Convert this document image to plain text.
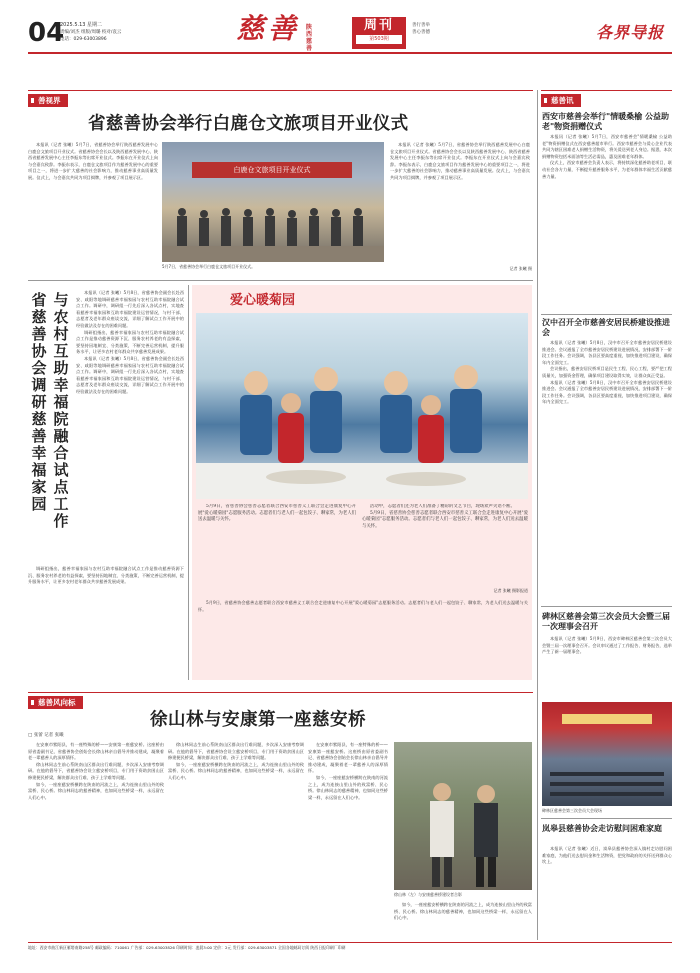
04
2025.5.13 星期二
责编/刘杰 组版/周璐 校对/袁云
电话：029-63003896	慈善 陕西慈善
周刊
第503期
善行善举
善心善德	各界导报
善视界
省慈善协会举行白鹿仓文旅项目开业仪式

本报讯（记者 张曦）5月7日，省慈善协会举行陕西慈善发展中心白鹿仓文旅项目开业仪式。省慈善协会会长以及陕西慈善发展中心、陕西省慈善发展中心主任李振东等出席开业仪式。李振东在开业仪式上向与会嘉宾致辞。李振东表示，白鹿仓文旅项目作为慈善发展中心的重要项目之一，将进一步扩大慈善的社会影响力，推动慈善事业高质量发展。仪式上，与会嘉宾共同为项目揭牌，并参观了项目展示区。

白鹿仓文旅项目开业仪式
5月7日，省慈善协会举行白鹿仓文旅项目开业仪式。

本报讯（记者 张曦）5月7日，省慈善协会举行陕西慈善发展中心白鹿仓文旅项目开业仪式。省慈善协会会长以及陕西慈善发展中心、陕西省慈善发展中心主任李振东等出席开业仪式。李振东在开业仪式上向与会嘉宾致辞。李振东表示，白鹿仓文旅项目作为慈善发展中心的重要项目之一，将进一步扩大慈善的社会影响力，推动慈善事业高质量发展。仪式上，与会嘉宾共同为项目揭牌，并参观了项目展示区。

记者 张曦 摄
省慈善协会调研慈善幸福家园
与农村互助幸福院融合试点工作

本报讯（记者 张曦）5月8日，省慈善协会副会长赴西安、咸阳等地调研慈善幸福家园与农村互助幸福院融合试点工作。调研中，调研组一行先后深入各试点村，实地查看慈善幸福家园和互助幸福院建设运营情况，与村干部、志愿者及老年群众座谈交流，详细了解试点工作开展中的经验做法及存在的困难问题。

调研组指出，慈善幸福家园与农村互助幸福院融合试点工作是推动慈善资源下沉、服务农村养老的有益探索，要坚持因地制宜、分类施策，不断完善运营机制，提升服务水平，让更多农村老年群众共享慈善发展成果。

本报讯（记者 张曦）5月8日，省慈善协会副会长赴西安、咸阳等地调研慈善幸福家园与农村互助幸福院融合试点工作。调研中，调研组一行先后深入各试点村，实地查看慈善幸福家园和互助幸福院建设运营情况，与村干部、志愿者及老年群众座谈交流，详细了解试点工作开展中的经验做法及存在的困难问题。

调研组指出，慈善幸福家园与农村互助幸福院融合试点工作是推动慈善资源下沉、服务农村养老的有益探索，要坚持因地制宜、分类施策，不断完善运营机制，提升服务水平，让更多农村老年群众共享慈善发展成果。

爱心暖菊园

5月9日，省慈善协会慈善志愿者联合西安市慈善义工联合会走进康复中心开展"爱心暖菊园"志愿服务活动。志愿者们与老人们一起包饺子、聊家常，为老人们送去温暖与关怀。

活动中，志愿者们还为老人们准备了精彩的文艺节目，现场欢声笑语不断。

5月9日，省慈善协会慈善志愿者联合西安市慈善义工联合会走进康复中心开展"爱心暖菊园"志愿服务活动。志愿者们与老人们一起包饺子、聊家常，为老人们送去温暖与关怀。

记者 张曦 摄影报道

5月9日，省慈善协会慈善志愿者联合西安市慈善义工联合会走进康复中心开展"爱心暖菊园"志愿服务活动。志愿者们与老人们一起包饺子、聊家常，为老人们送去温暖与关怀。

慈善风向标
徐山林与安康第一座慈安桥
□ 张蕾 记者 张曦

在安康市紫阳县，有一座特殊的桥——安康第一座慈安桥。这座桥由原省委副书记、省慈善协会创始会长徐山林亲自倡导并推动建成，凝聚着老一辈慈善人的深厚情怀。

徐山林同志生前心系陕南山区群众出行难问题，多次深入安康考察调研。在他的倡导下，省慈善协会设立慈安桥项目，专门用于资助贫困山区修建便民桥梁，解决群众出行难、孩子上学难等问题。

如今，一座座慈安桥横跨在陕南的河流之上，成为连接山里山外的致富桥、民心桥。徐山林同志的慈善精神，也如同这些桥梁一样，永远留在人们心中。

徐山林同志生前心系陕南山区群众出行难问题，多次深入安康考察调研。在他的倡导下，省慈善协会设立慈安桥项目，专门用于资助贫困山区修建便民桥梁，解决群众出行难、孩子上学难等问题。

如今，一座座慈安桥横跨在陕南的河流之上，成为连接山里山外的致富桥、民心桥。徐山林同志的慈善精神，也如同这些桥梁一样，永远留在人们心中。

在安康市紫阳县，有一座特殊的桥——安康第一座慈安桥。这座桥由原省委副书记、省慈善协会创始会长徐山林亲自倡导并推动建成，凝聚着老一辈慈善人的深厚情怀。

如今，一座座慈安桥横跨在陕南的河流之上，成为连接山里山外的致富桥、民心桥。徐山林同志的慈善精神，也如同这些桥梁一样，永远留在人们心中。

徐山林（左）与安康慈善桥建设者合影

如今，一座座慈安桥横跨在陕南的河流之上，成为连接山里山外的致富桥、民心桥。徐山林同志的慈善精神，也如同这些桥梁一样，永远留在人们心中。

慈善讯
西安市慈善会举行"情暖桑榆 公益助老"物资捐赠仪式

本报讯（记者 张曦）5月7日，西安市慈善会"情暖桑榆 公益助老"物资捐赠仪式在西安慈善超市举行。西安市慈善会与爱心企业代表共同为辖区困难老人捐赠生活物资，将关爱送到老人身边。据悉，本次捐赠物资包括米面油等生活必需品，惠及困难老年群体。

仪式上，西安市慈善会负责人表示，将持续深化慈善助老项目，联动社会各方力量，不断提升慈善服务水平，为老年群体幸福生活贡献慈善力量。

汉中召开全市慈善安居民桥建设推进会

本报讯（记者 张曦）5月8日，汉中市召开全市慈善安居民桥建设推进会。会议通报了全市慈善安居民桥建设进展情况，安排部署下一阶段工作任务。会议强调，各县区要高度重视，加快推进项目建设，确保年内全面完工。

会议指出，慈善安居民桥项目是民生工程、民心工程，要严把工程质量关，加强资金管理，确保项目建设取得实效，让群众真正受益。

本报讯（记者 张曦）5月8日，汉中市召开全市慈善安居民桥建设推进会。会议通报了全市慈善安居民桥建设进展情况，安排部署下一阶段工作任务。会议强调，各县区要高度重视，加快推进项目建设，确保年内全面完工。

碑林区慈善会第三次会员大会暨三届一次理事会召开

本报讯（记者 张曦）5月9日，西安市碑林区慈善会第三次会员大会暨三届一次理事会召开。会议审议通过了工作报告、财务报告，选举产生了新一届理事会。

碑林区慈善会第三次会员大会现场
岚皋县慈善协会走访慰问困难家庭

本报讯（记者 张曦）近日，岚皋县慈善协会深入镇村走访慰问困难家庭，为他们送去慰问金和生活物资，把党和政府的关怀送到群众心坎上。

地址：西安市曲江新区雁塔南路258号 邮政编码：710061 广告部：029-63003826 印刷时间：凌晨3:00 定价：2元 发行部：029-63003871 全国各地邮局订阅 陕西日报印刷厂印刷
